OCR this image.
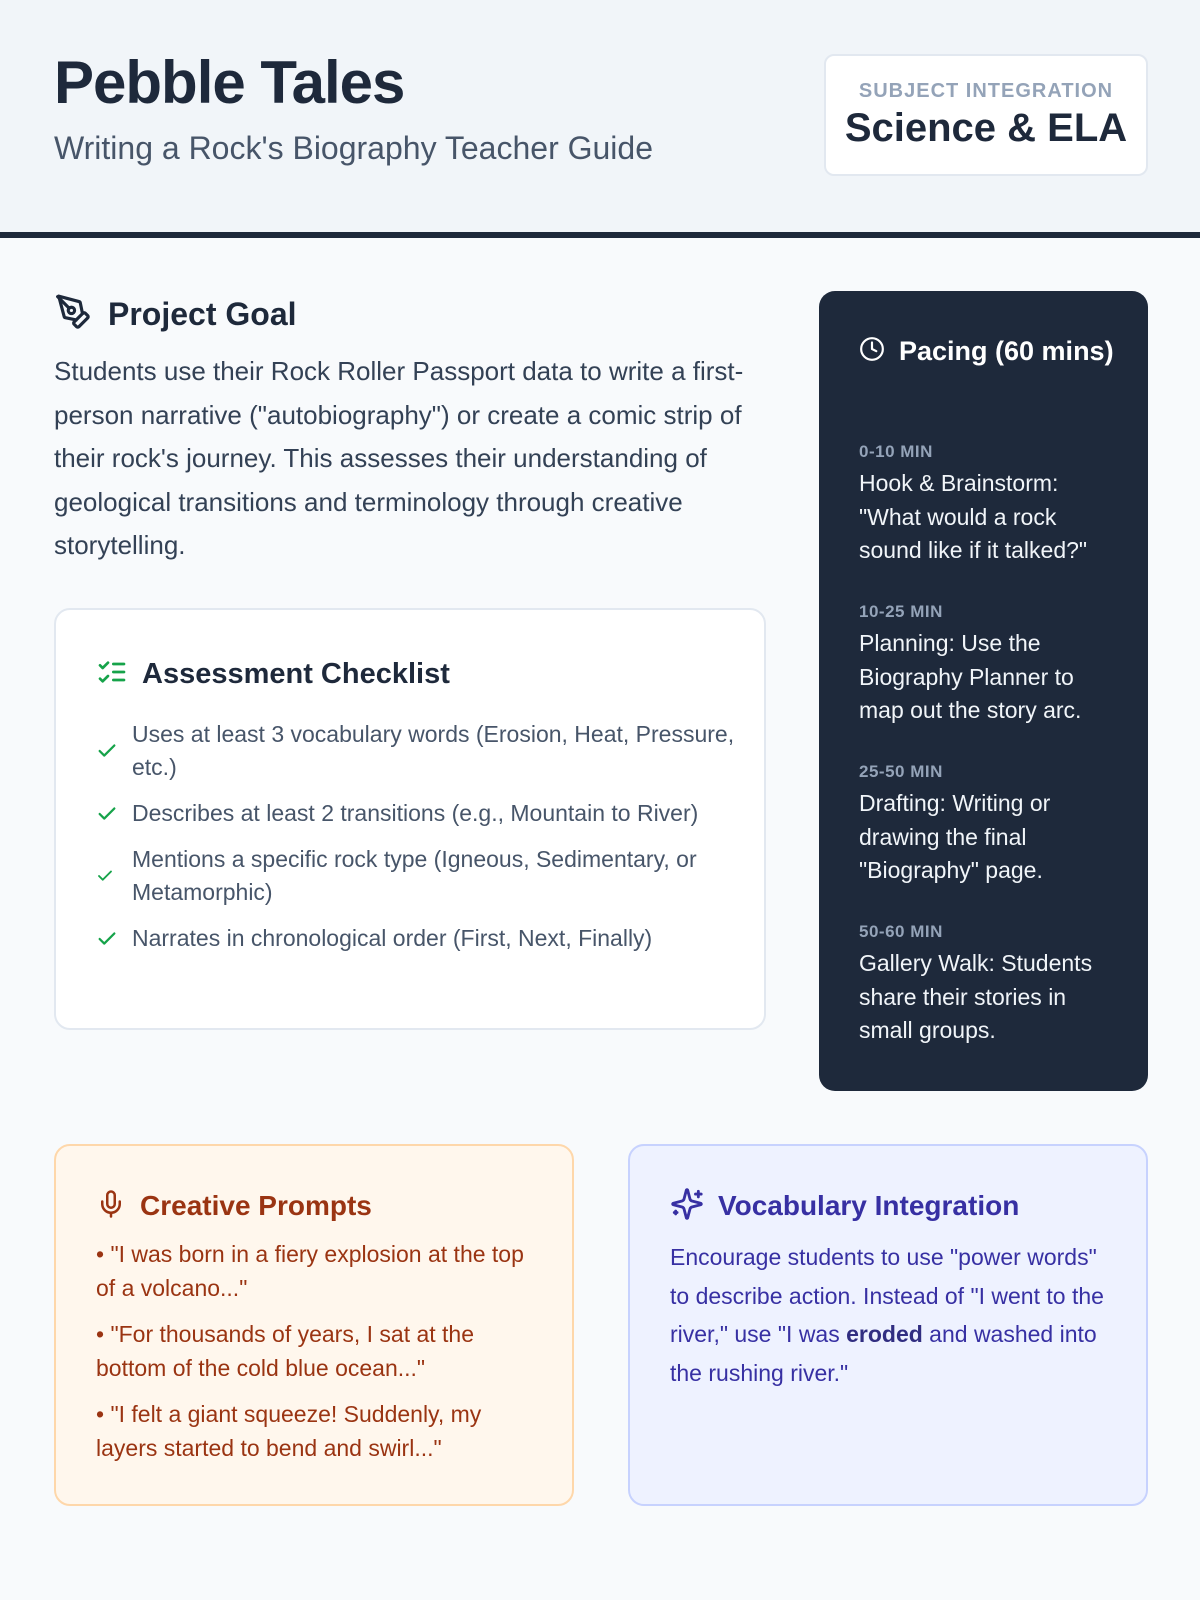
Pebble Tales
Writing a Rock's Biography Teacher Guide
SUBJECT INTEGRATION
Science & ELA
Project Goal
Students use their Rock Roller Passport data to write a first-person narrative ("autobiography") or create a comic strip of their rock's journey. This assesses their understanding of geological transitions and terminology through creative storytelling.
Assessment Checklist
Uses at least 3 vocabulary words (Erosion, Heat, Pressure, etc.)
Describes at least 2 transitions (e.g., Mountain to River)
Mentions a specific rock type (Igneous, Sedimentary, or Metamorphic)
Narrates in chronological order (First, Next, Finally)
Pacing (60 mins)
0-10 MIN
Hook & Brainstorm: "What would a rock sound like if it talked?"
10-25 MIN
Planning: Use the Biography Planner to map out the story arc.
25-50 MIN
Drafting: Writing or drawing the final "Biography" page.
50-60 MIN
Gallery Walk: Students share their stories in small groups.
Creative Prompts
• "I was born in a fiery explosion at the top of a volcano..."
• "For thousands of years, I sat at the bottom of the cold blue ocean..."
• "I felt a giant squeeze! Suddenly, my layers started to bend and swirl..."
Vocabulary Integration
Encourage students to use "power words" to describe action. Instead of "I went to the river," use "I was eroded and washed into the rushing river."
